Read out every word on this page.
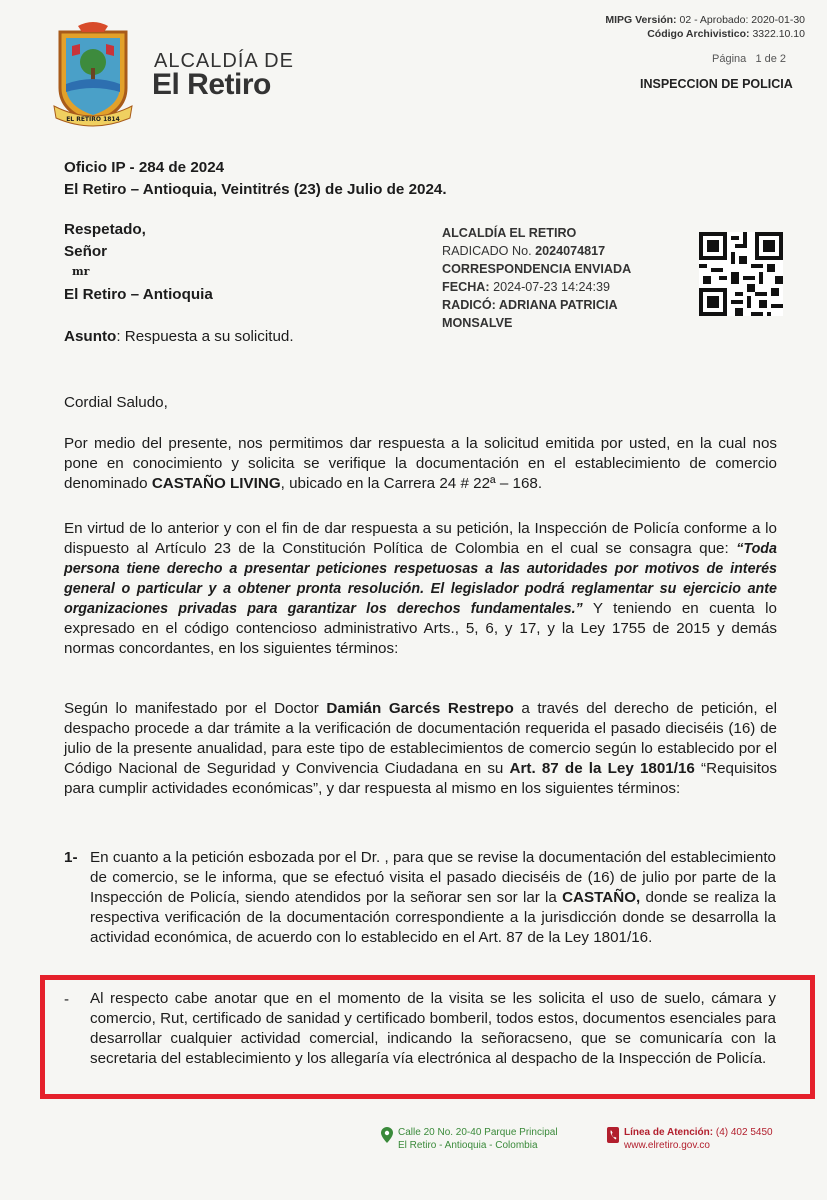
EL RETIRO 1814
ALCALDÍA DE
El Retiro
MIPG Versión: 02 - Aprobado: 2020-01-30
Código Archivistico: 3322.10.10
Página 1 de 2
INSPECCION DE POLICIA
Oficio IP - 284 de 2024
El Retiro – Antioquia, Veintitrés (23) de Julio de 2024.
Respetado,
Señor
mr
El Retiro – Antioquia
ALCALDÍA EL RETIRO
RADICADO No. 2024074817
CORRESPONDENCIA ENVIADA
FECHA: 2024-07-23 14:24:39
RADICÓ: ADRIANA PATRICIA
MONSALVE
Asunto: Respuesta a su solicitud.
Cordial Saludo,
Por medio del presente, nos permitimos dar respuesta a la solicitud emitida por usted, en la cual nos pone en conocimiento y solicita se verifique la documentación en el establecimiento de comercio denominado CASTAÑO LIVING, ubicado en la Carrera 24 # 22ª – 168.
En virtud de lo anterior y con el fin de dar respuesta a su petición, la Inspección de Policía conforme a lo dispuesto al Artículo 23 de la Constitución Política de Colombia en el cual se consagra que: “Toda persona tiene derecho a presentar peticiones respetuosas a las autoridades por motivos de interés general o particular y a obtener pronta resolución. El legislador podrá reglamentar su ejercicio ante organizaciones privadas para garantizar los derechos fundamentales.” Y teniendo en cuenta lo expresado en el código contencioso administrativo Arts., 5, 6, y 17, y la Ley 1755 de 2015 y demás normas concordantes, en los siguientes términos:
Según lo manifestado por el Doctor Damián Garcés Restrepo a través del derecho de petición, el despacho procede a dar trámite a la verificación de documentación requerida el pasado dieciséis (16) de julio de la presente anualidad, para este tipo de establecimientos de comercio según lo establecido por el Código Nacional de Seguridad y Convivencia Ciudadana en su Art. 87 de la Ley 1801/16 “Requisitos para cumplir actividades económicas”, y dar respuesta al mismo en los siguientes términos:
1- En cuanto a la petición esbozada por el Dr. , para que se revise la documentación del establecimiento de comercio, se le informa, que se efectuó visita el pasado dieciséis de (16) de julio por parte de la Inspección de Policía, siendo atendidos por la señorar sen sor lar la CASTAÑO, donde se realiza la respectiva verificación de la documentación correspondiente a la jurisdicción donde se desarrolla la actividad económica, de acuerdo con lo establecido en el Art. 87 de la Ley 1801/16.
- Al respecto cabe anotar que en el momento de la visita se les solicita el uso de suelo, cámara y comercio, Rut, certificado de sanidad y certificado bomberil, todos estos, documentos esenciales para desarrollar cualquier actividad comercial, indicando la señoracseno, que se comunicaría con la secretaria del establecimiento y los allegaría vía electrónica al despacho de la Inspección de Policía.
Calle 20 No. 20-40 Parque Principal
El Retiro - Antioquia - Colombia
Línea de Atención: (4) 402 5450
www.elretiro.gov.co
